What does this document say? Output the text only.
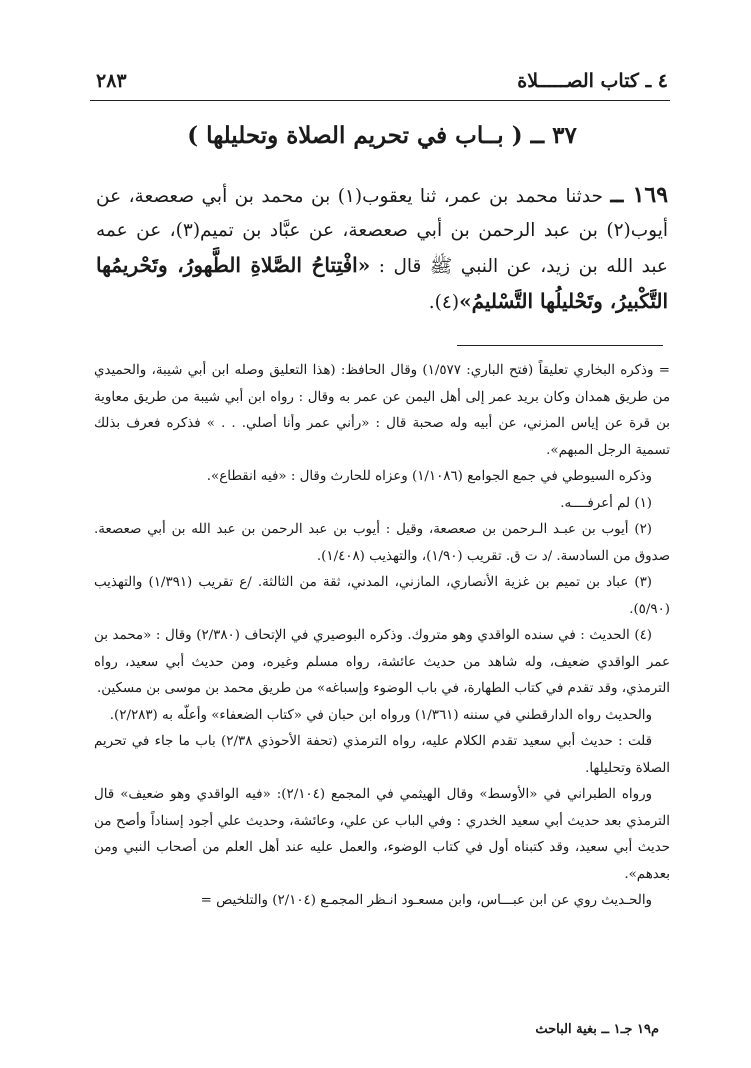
٤ ـ كتاب الصـــــلاة
٢٨٣
٣٧ ــ ( بــاب في تحريم الصلاة وتحليلها )
١٦٩ ــ حدثنا محمد بن عمر، ثنا يعقوب(١) بن محمد بن أبي صعصعة، عن أيوب(٢) بن عبد الرحمن بن أبي صعصعة، عن عبَّاد بن تميم(٣)، عن عمه عبد الله بن زيد، عن النبي ﷺ قال : «افْتِتاحُ الصَّلاةِ الطَّهورُ، وتَحْريمُها التَّكْبيرُ، وتَحْليلُها التَّسْليمُ»(٤).

= وذكره البخاري تعليقاً (فتح الباري: ١/٥٧٧) وقال الحافظ: (هذا التعليق وصله ابن أبي شيبة، والحميدي من طريق همدان وكان بريد عمر إلى أهل اليمن عن عمر به وقال : رواه ابن أبي شيبة من طريق معاوية بن قرة عن إياس المزني، عن أبيه وله صحبة قال : «رأني عمر وأنا أصلي. . . » فذكره فعرف بذلك تسمية الرجل المبهم».

وذكره السيوطي في جمع الجوامع (١/١٠٨٦) وعزاه للحارث وقال : «فيه انقطاع».

(١) لم أعرفــــه.

(٢) أيوب بن عبـد الـرحمن بن صعصعة، وقيل : أيوب بن عبد الرحمن بن عبد الله بن أبي صعصعة. صدوق من السادسة. /د ت ق. تقريب (١/٩٠)، والتهذيب (١/٤٠٨).

(٣) عباد بن تميم بن غزية الأنصاري، المازني، المدني، ثقة من الثالثة. /ع تقريب (١/٣٩١) والتهذيب (٥/٩٠).

(٤) الحديث : في سنده الواقدي وهو متروك. وذكره البوصيري في الإتحاف (٢/٣٨٠) وقال : «محمد بن عمر الواقدي ضعيف، وله شاهد من حديث عائشة، رواه مسلم وغيره، ومن حديث أبي سعيد، رواه الترمذي، وقد تقدم في كتاب الطهارة، في باب الوضوء وإسباغه» من طريق محمد بن موسى بن مسكين.

والحديث رواه الدارقطني في سننه (١/٣٦١) ورواه ابن حبان في «كتاب الضعفاء» وأعلّه به (٢/٢٨٣).

قلت : حديث أبي سعيد تقدم الكلام عليه، رواه الترمذي (تحفة الأحوذي ٢/٣٨) باب ما جاء في تحريم الصلاة وتحليلها.

ورواه الطبراني في «الأوسط» وقال الهيثمي في المجمع (٢/١٠٤): «فيه الواقدي وهو ضعيف» قال الترمذي بعد حديث أبي سعيد الخدري : وفي الباب عن علي، وعائشة، وحديث علي أجود إسناداً وأصح من حديث أبي سعيد، وقد كتبناه أول في كتاب الوضوء، والعمل عليه عند أهل العلم من أصحاب النبي ومن بعدهم».

والحـديث روي عن ابن عبـــاس، وابن مسعـود انـظر المجمـع (٢/١٠٤) والتلخيص =

م١٩ جـ١ ــ بغية الباحث
